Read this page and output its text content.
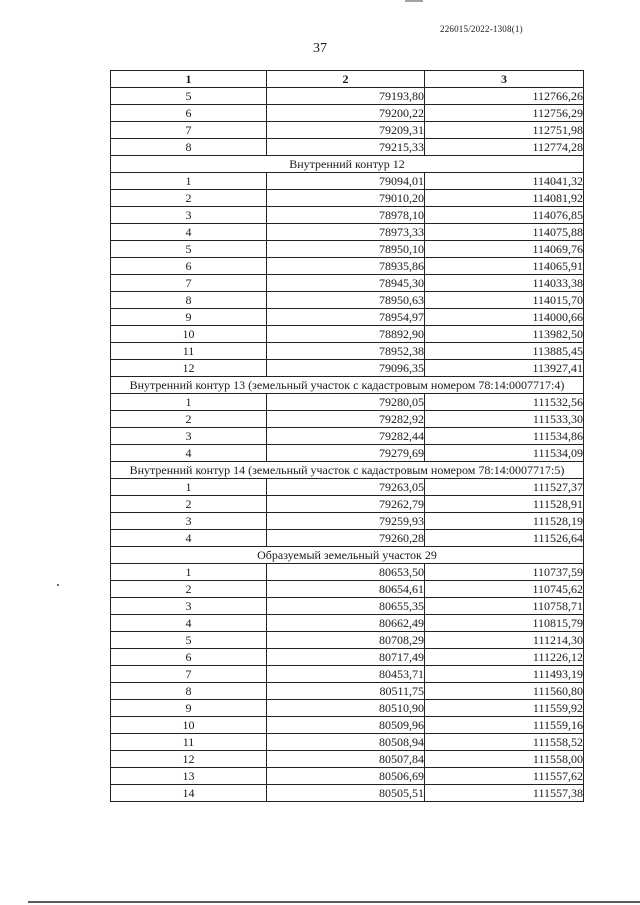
226015/2022-1308(1)
37
1	2	3
5	79193,80	112766,26
6	79200,22	112756,29
7	79209,31	112751,98
8	79215,33	112774,28
Внутренний контур 12		
1	79094,01	114041,32
2	79010,20	114081,92
3	78978,10	114076,85
4	78973,33	114075,88
5	78950,10	114069,76
6	78935,86	114065,91
7	78945,30	114033,38
8	78950,63	114015,70
9	78954,97	114000,66
10	78892,90	113982,50
11	78952,38	113885,45
12	79096,35	113927,41
Внутренний контур 13 (земельный участок с кадастровым номером 78:14:0007717:4)		
1	79280,05	111532,56
2	79282,92	111533,30
3	79282,44	111534,86
4	79279,69	111534,09
Внутренний контур 14 (земельный участок с кадастровым номером 78:14:0007717:5)		
1	79263,05	111527,37
2	79262,79	111528,91
3	79259,93	111528,19
4	79260,28	111526,64
Образуемый земельный участок 29		
1	80653,50	110737,59
2	80654,61	110745,62
3	80655,35	110758,71
4	80662,49	110815,79
5	80708,29	111214,30
6	80717,49	111226,12
7	80453,71	111493,19
8	80511,75	111560,80
9	80510,90	111559,92
10	80509,96	111559,16
11	80508,94	111558,52
12	80507,84	111558,00
13	80506,69	111557,62
14	80505,51	111557,38
